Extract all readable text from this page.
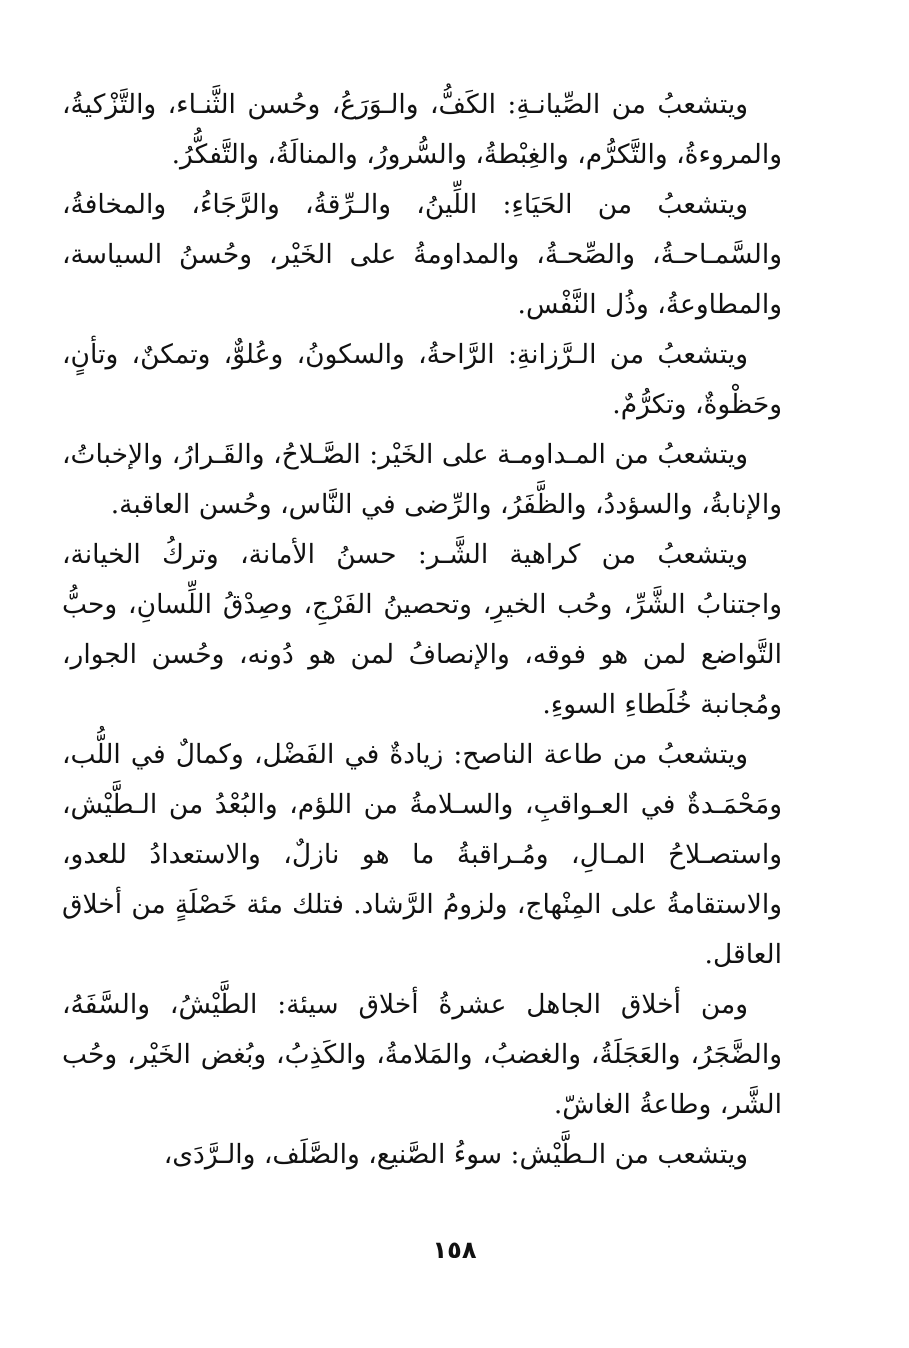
ويتشعبُ من الصِّيانـةِ: الكَفُّ، والـوَرَعُ، وحُسن الثَّنـاء، والتَّزْكيةُ، والمروءةُ، والتَّكرُّم، والغِبْطةُ، والسُّرورُ، والمنالَةُ، والتَّفكُّرُ.

ويتشعبُ من الحَيَاءِ: اللِّينُ، والـرِّقةُ، والرَّجَاءُ، والمخافةُ، والسَّمـاحـةُ، والصِّحـةُ، والمداومةُ على الخَيْر، وحُسنُ السياسة، والمطاوعةُ، وذُل النَّفْس.

ويتشعبُ من الـرَّزانةِ: الرَّاحةُ، والسكونُ، وعُلوٌّ، وتمكنٌ، وتأنٍ، وحَظْوةٌ، وتكرُّمٌ.

ويتشعبُ من المـداومـة على الخَيْر: الصَّـلاحُ، والقَـرارُ، والإخباتُ، والإنابةُ، والسؤددُ، والظَّفَرُ، والرِّضى في النَّاس، وحُسن العاقبة.

ويتشعبُ من كراهية الشَّـر: حسنُ الأمانة، وتركُ الخيانة، واجتنابُ الشَّرِّ، وحُب الخيرِ، وتحصينُ الفَرْجِ، وصِدْقُ اللِّسانِ، وحبُّ التَّواضع لمن هو فوقه، والإنصافُ لمن هو دُونه، وحُسن الجوار، ومُجانبة خُلَطاءِ السوءِ.

ويتشعبُ من طاعة الناصح: زيادةٌ في الفَضْل، وكمالٌ في اللُّب، ومَحْمَـدةٌ في العـواقبِ، والسـلامةُ من اللؤم، والبُعْدُ من الـطَّيْش، واستصـلاحُ المـالِ، ومُـراقبةُ ما هو نازلٌ، والاستعدادُ للعدو، والاستقامةُ على المِنْهاج، ولزومُ الرَّشاد. فتلك مئة خَصْلَةٍ من أخلاق العاقل.

ومن أخلاق الجاهل عشرةُ أخلاق سيئة: الطَّيْشُ، والسَّفَهُ، والضَّجَرُ، والعَجَلَةُ، والغضبُ، والمَلامةُ، والكَذِبُ، وبُغض الخَيْر، وحُب الشَّر، وطاعةُ الغاشّ.

ويتشعب من الـطَّيْش: سوءُ الصَّنيع، والصَّلَف، والـرَّدَى،

١٥٨
